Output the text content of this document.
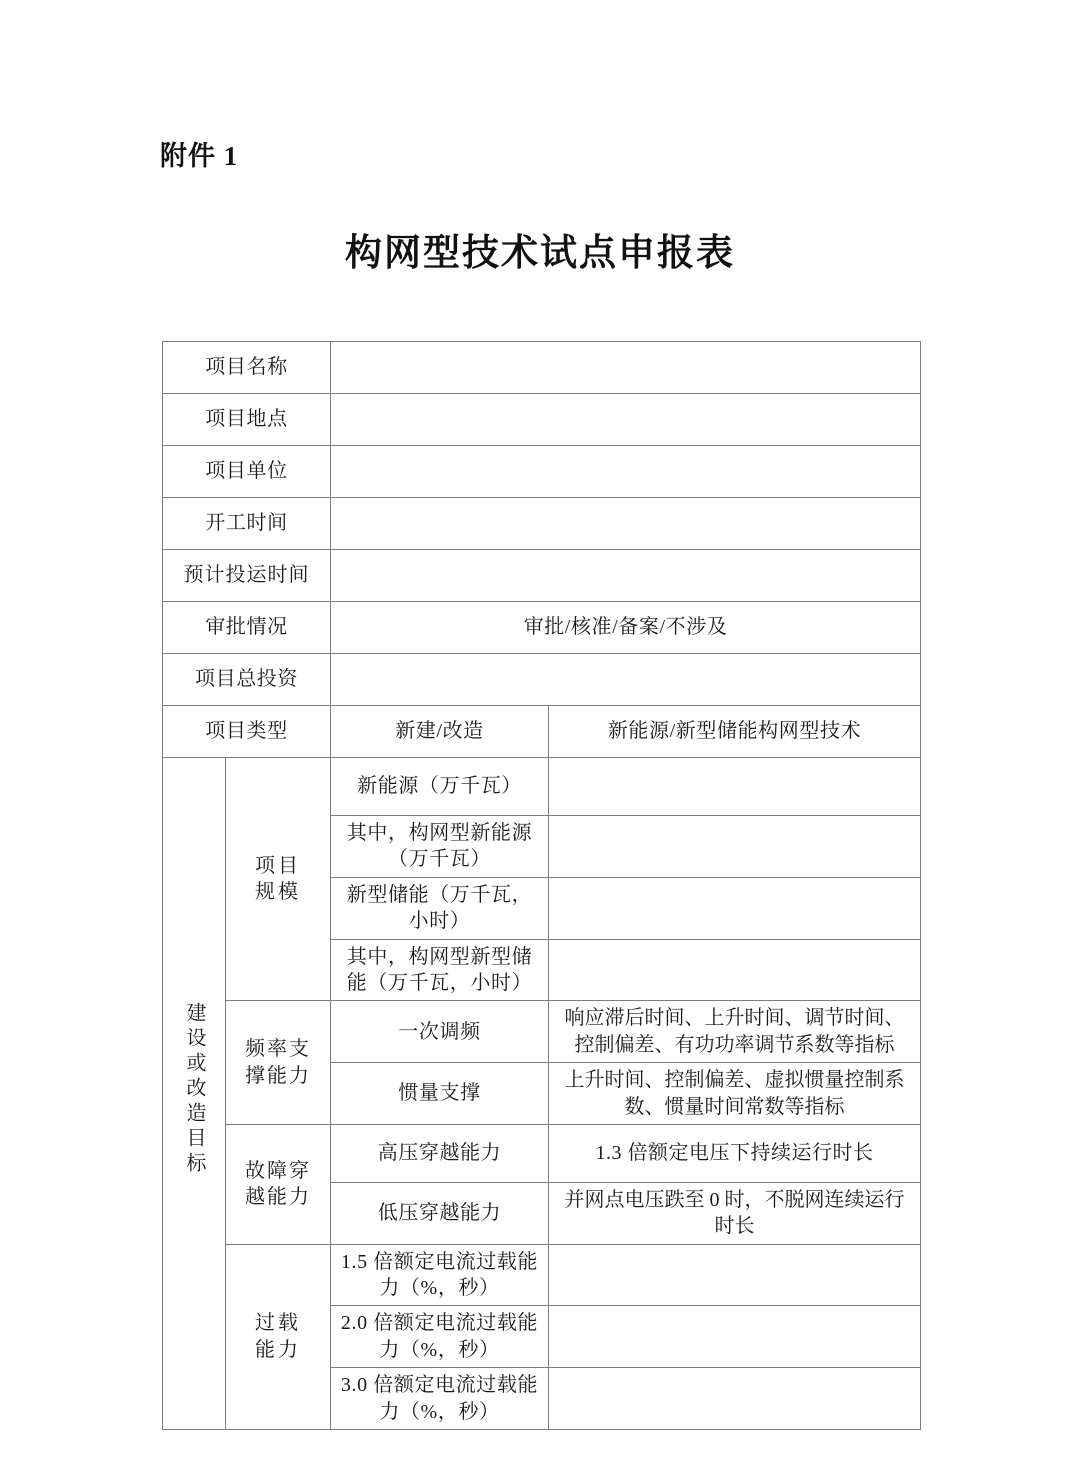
附件 1
构网型技术试点申报表
项目名称			
项目地点			
项目单位			
开工时间			
预计投运时间			
审批情况		审批/核准/备案/不涉及	
项目总投资			
项目类型		新建/改造	新能源/新型储能构网型技术
建设或改造目标	项目规模	新能源（万千瓦）	
		其中，构网型新能源（万千瓦）	
		新型储能（万千瓦，小时）	
		其中，构网型新型储能（万千瓦，小时）	
	频率支撑能力	一次调频	响应滞后时间、上升时间、调节时间、控制偏差、有功功率调节系数等指标
		惯量支撑	上升时间、控制偏差、虚拟惯量控制系数、惯量时间常数等指标
	故障穿越能力	高压穿越能力	1.3 倍额定电压下持续运行时长
		低压穿越能力	并网点电压跌至 0 时，不脱网连续运行时长
	过载能力	1.5 倍额定电流过载能力（%，秒）	
		2.0 倍额定电流过载能力（%，秒）	
		3.0 倍额定电流过载能力（%，秒）	
